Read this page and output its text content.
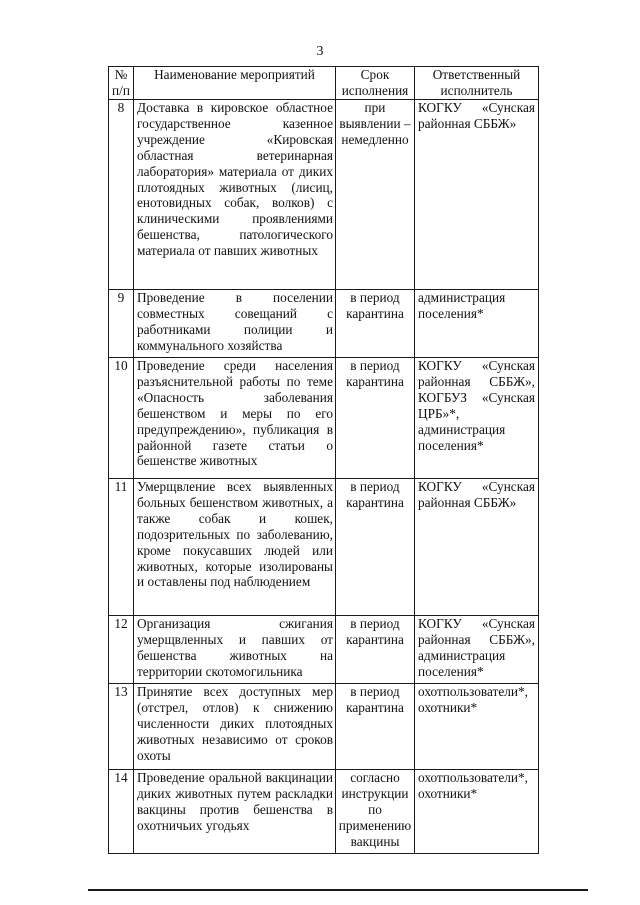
3
№ п/п	Наименование мероприятий	Срок исполнения	Ответственный исполнитель
8	Доставка в кировское областное государственное казенное учреждение «Кировская областная ветеринарная лаборатория» материала от диких плотоядных животных (лисиц, енотовидных собак, волков) с клиническими проявлениями бешенства, патологического материала от павших животных	при выявлении – немедленно	КОГКУ «Сунская районная СББЖ»
9	Проведение в поселении совместных совещаний с работниками полиции и коммунального хозяйства	в период карантина	администрация поселения*
10	Проведение среди населения разъяснительной работы по теме «Опасность заболевания бешенством и меры по его предупреждению», публикация в районной газете статьи о бешенстве животных	в период карантина	КОГКУ «Сунская районная СББЖ», КОГБУЗ «Сунская ЦРБ»*, администрация поселения*
11	Умерщвление всех выявленных больных бешенством животных, а также собак и кошек, подозрительных по заболеванию, кроме покусавших людей или животных, которые изолированы и оставлены под наблюдением	в период карантина	КОГКУ «Сунская районная СББЖ»
12	Организация сжигания умерщвленных и павших от бешенства животных на территории скотомогильника	в период карантина	КОГКУ «Сунская районная СББЖ», администрация поселения*
13	Принятие всех доступных мер (отстрел, отлов) к снижению численности диких плотоядных животных независимо от сроков охоты	в период карантина	охотпользователи*, охотники*
14	Проведение оральной вакцинации диких животных путем раскладки вакцины против бешенства в охотничьих угодьях	согласно инструкции по применению вакцины	охотпользователи*, охотники*
